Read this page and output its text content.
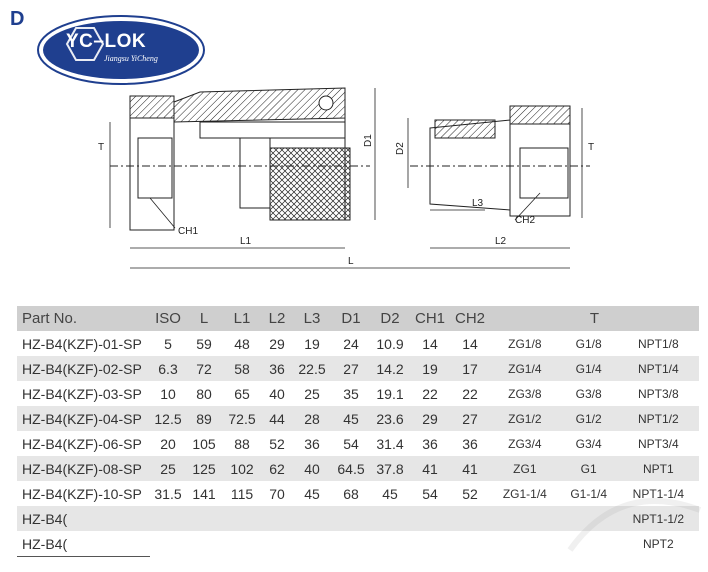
D
YC–LOK
Jiangsu YiCheng
T	T
CH1
CH2
L1	L2
L3
L
D1
D2
Part No.	ISO	L	L1	L2	L3	D1	D2	CH1	CH2	T		
HZ-B4(KZF)-01-SP	5	59	48	29	19	24	10.9	14	14	ZG1/8	G1/8	NPT1/8
HZ-B4(KZF)-02-SP	6.3	72	58	36	22.5	27	14.2	19	17	ZG1/4	G1/4	NPT1/4
HZ-B4(KZF)-03-SP	10	80	65	40	25	35	19.1	22	22	ZG3/8	G3/8	NPT3/8
HZ-B4(KZF)-04-SP	12.5	89	72.5	44	28	45	23.6	29	27	ZG1/2	G1/2	NPT1/2
HZ-B4(KZF)-06-SP	20	105	88	52	36	54	31.4	36	36	ZG3/4	G3/4	NPT3/4
HZ-B4(KZF)-08-SP	25	125	102	62	40	64.5	37.8	41	41	ZG1	G1	NPT1
HZ-B4(KZF)-10-SP	31.5	141	115	70	45	68	45	54	52	ZG1-1/4	G1-1/4	NPT1-1/4
HZ-B4(												NPT1-1/2
HZ-B4(												NPT2
